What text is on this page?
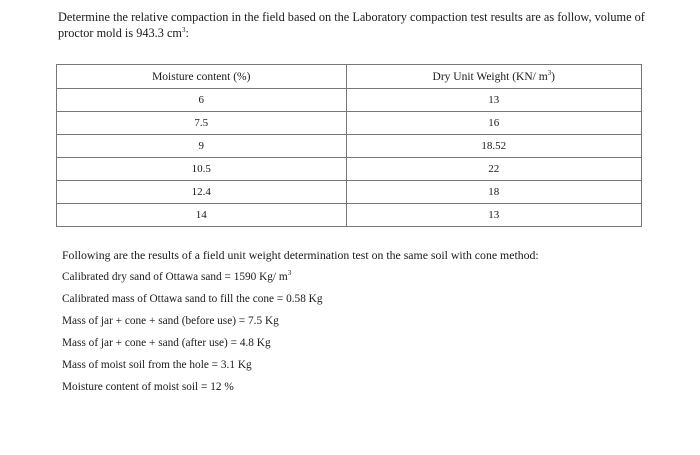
Determine the relative compaction in the field based on the Laboratory compaction test results are as follow, volume of

proctor mold is 943.3 $cm^3$:

Moisture content (%)	Dry Unit Weight (KN/ $m^3$)
6	13
7.5	16
9	18.52
10.5	22
12.4	18
14	13

Following are the results of a field unit weight determination test on the same soil with cone method:

Calibrated dry sand of Ottawa sand = 1590 Kg/ $m^3$

Calibrated mass of Ottawa sand to fill the cone = 0.58 Kg

Mass of jar + cone + sand (before use) = 7.5 Kg

Mass of jar + cone + sand (after use) = 4.8 Kg

Mass of moist soil from the hole = 3.1 Kg

Moisture content of moist soil = 12 %
